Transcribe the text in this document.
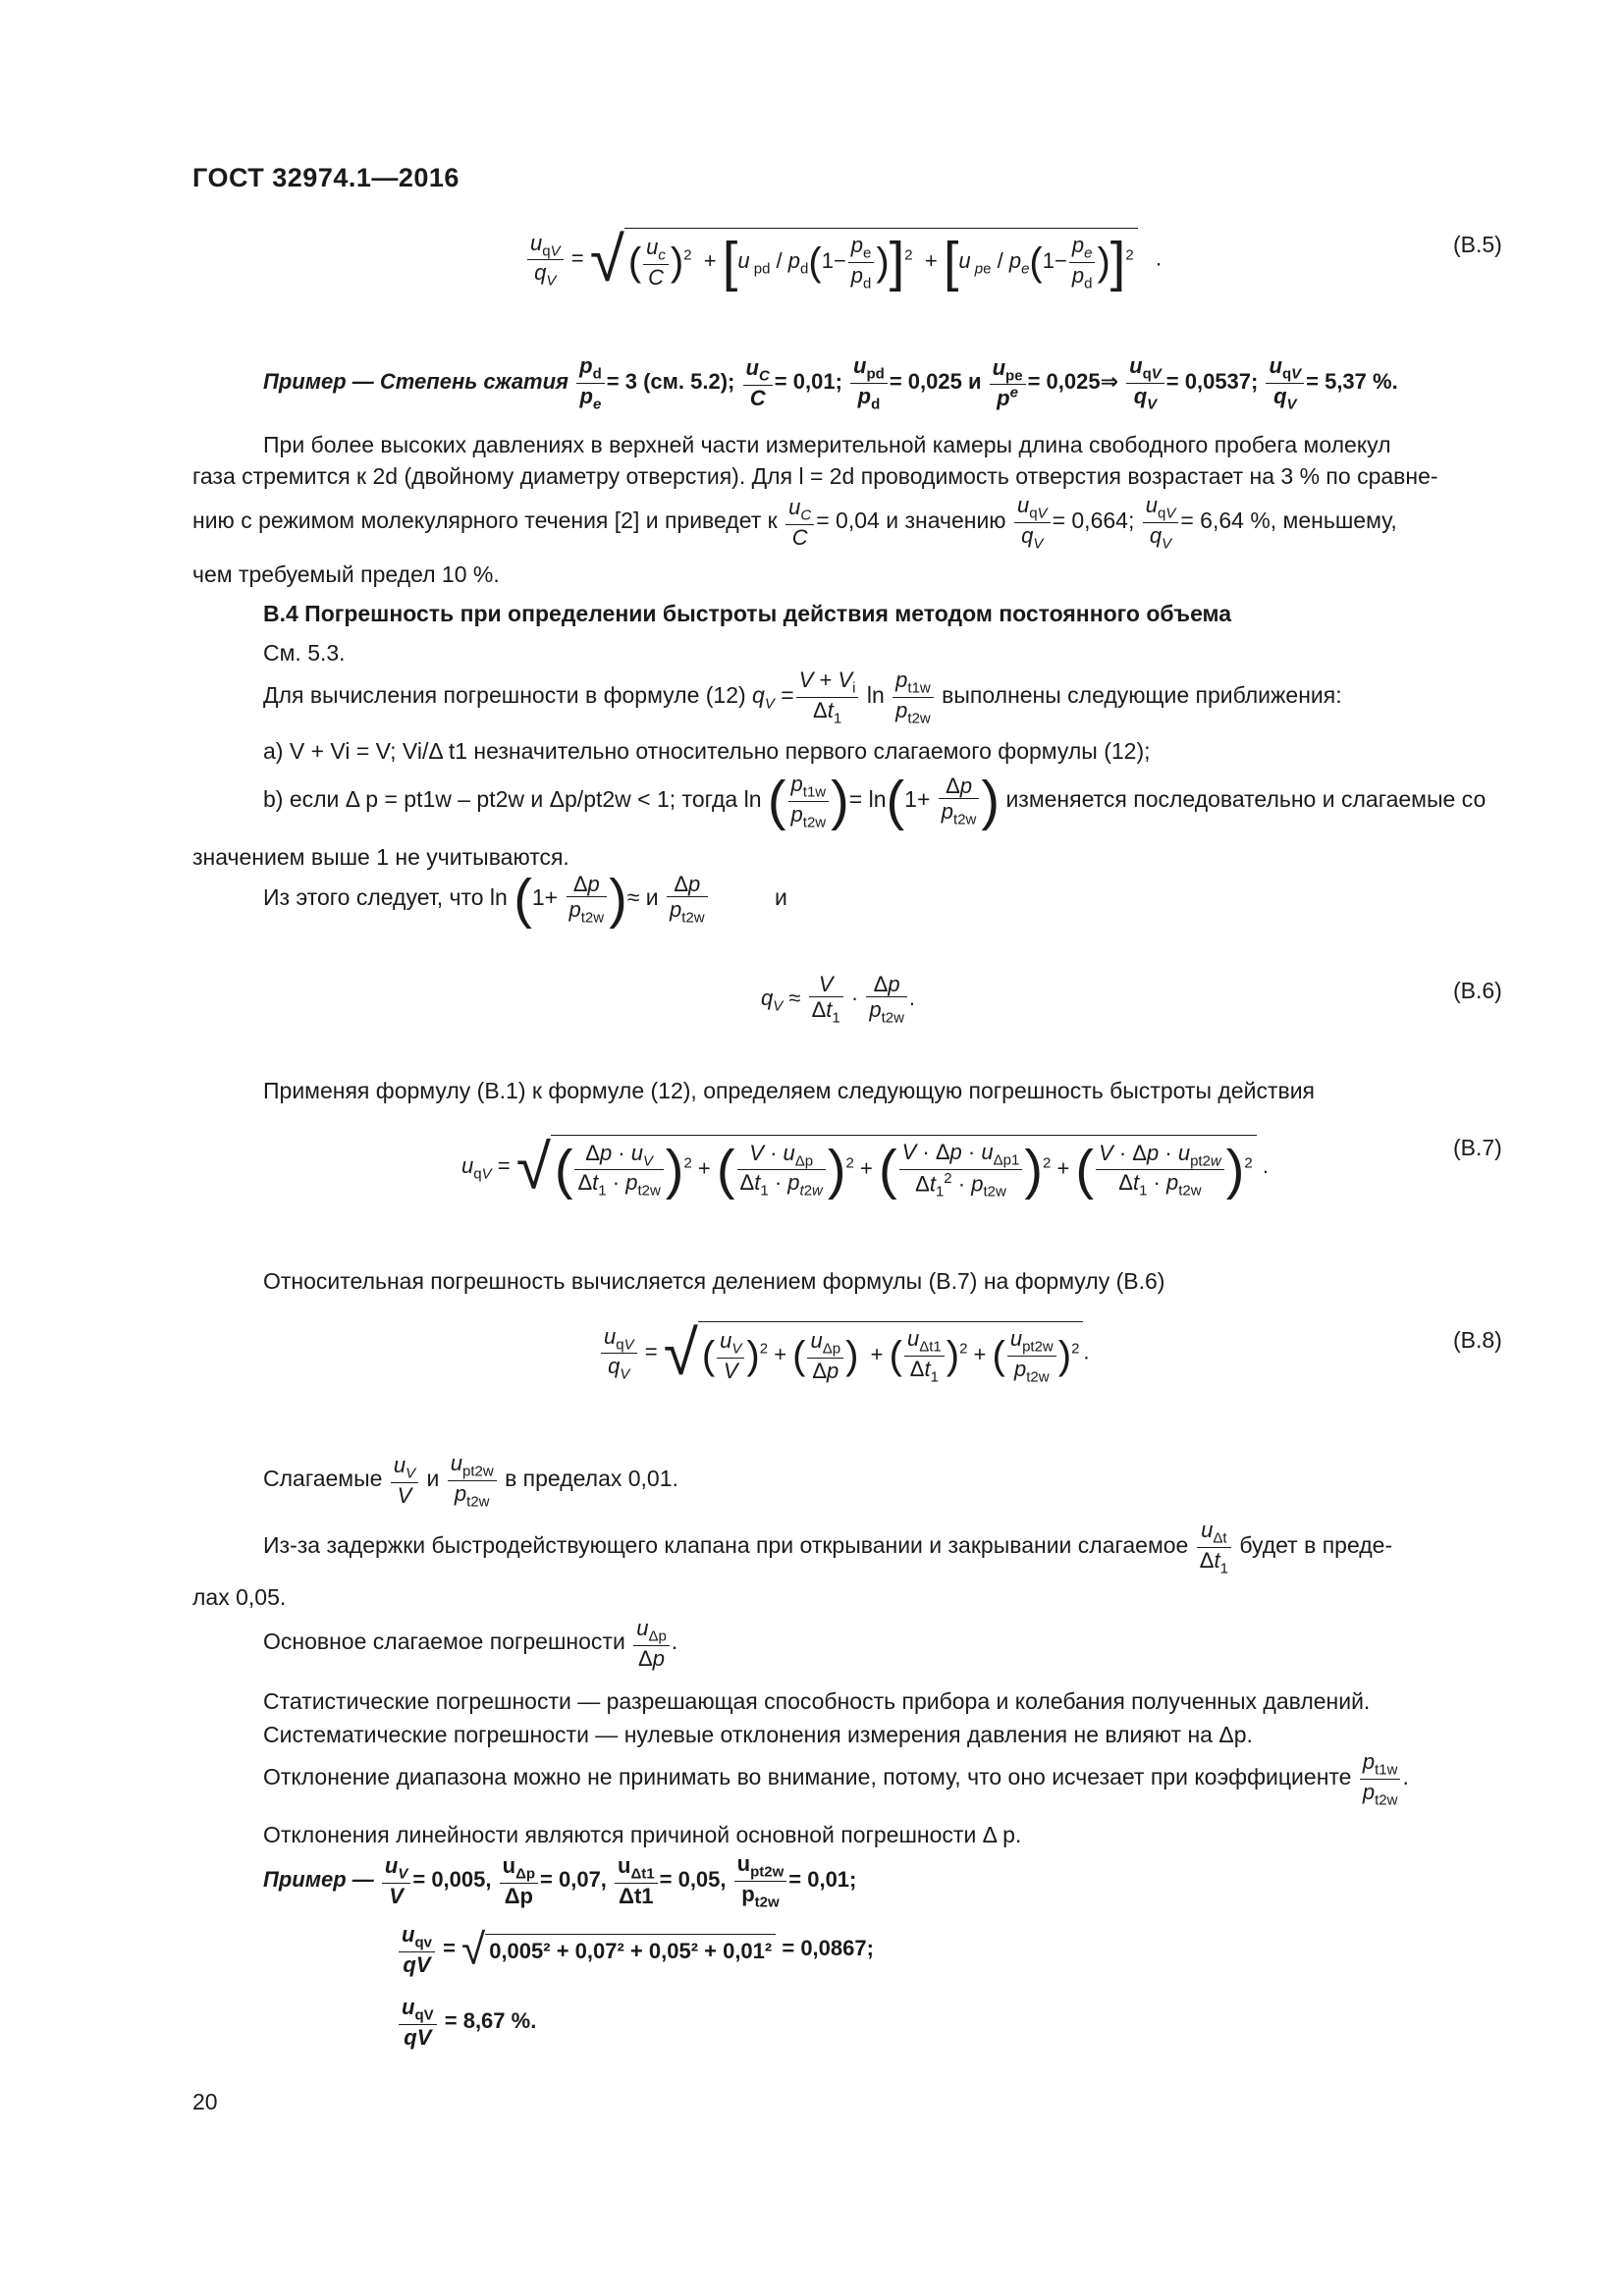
ГОСТ 32974.1—2016
$\frac{u_{qV}}{q_V}$ = √ ( $\frac{u_c}{C} )^2 + [u$ $_{pd} / p_d(1- \frac{p_e}{p_d} )]^2 + [u$ $_{pe} / p_e(1- \frac{p_e}{p_d} )]^2$   .
(В.5)
Пример — Степень сжатия $\frac{p_d}{p_e} = 3$ (см. 5.2); $\frac{u_C}{C} = 0,01$; $\frac{u_{pd}}{p_d} = 0,025$ и $\frac{u_{pe}}{p^e}$ = 0,025⇒ $\frac{u_{qV}}{q_V} = 0,0537$; $\frac{u_{qV}}{q_V} = 5,37$ %.
При более высоких давлениях в верхней части измерительной камеры длина свободного пробега молекул
газа стремится к 2d (двойному диаметру отверстия). Для l = 2d проводимость отверстия возрастает на 3 % по сравне-
нию с режимом молекулярного течения [2] и приведет к $\frac{u_C}{C} = 0,04$ и значению $\frac{u_{qV}}{q_V} = 0,664$; $\frac{u_{qV}}{q_V} = 6,64$ %, меньшему,
чем требуемый предел 10 %.
В.4 Погрешность при определении быстроты действия методом постоянного объема
См. 5.3.
Для вычисления погрешности в формуле (12) $q_V = \frac{V + V_i}{\Delta t_1}$ $\ln \frac{p_{t1w}}{p_{t2w}}$ выполнены следующие приближения:
a) V + Vi = V; Vi/Δ t1 незначительно относительно первого слагаемого формулы (12);
b) если Δ p = pt1w – pt2w и Δp/pt2w < 1; тогда ln ( $\frac{p_{t1w}}{p_{t2w}}$ )= $\ln(1+ \frac{\Delta p}{p_{t2w}}$ ) изменяется последовательно и слагаемые со
значением выше 1 не учитываются.
Из этого следует, что $\ln (1+ \frac{\Delta p}{p_{t2w}}$ )≈ и $\frac{\Delta p}{p_{t2w}}$	и
$q_V \approx \frac{V}{\Delta t_1} \cdot \frac{\Delta p}{p_{t2w}}$ .	(В.6)
Применяя формулу (В.1) к формуле (12), определяем следующую погрешность быстроты действия
$u_{qV}$ = √( $\frac{\Delta p \cdot u_V}{\Delta t_1 \cdot p_{t2w}} )^2$ + ( $\frac{V \cdot u_{\Delta p}}{\Delta t_1 \cdot p_{t2w}} )^2$ + ( $\frac{V \cdot \Delta p \cdot u_{\Delta p1}}{\Delta t_1^2 \cdot p_{t2w}} )^2$ + ( $\frac{V \cdot \Delta p \cdot u_{pt2w}}{\Delta t_1 \cdot p_{t2w}} )^2$ .
(В.7)
Относительная погрешность вычисляется делением формулы (В.7) на формулу (В.6)
$\frac{u_{qV}}{q_V}$ = √ ( $\frac{u_V}{V} )^2$ + ( $\frac{u_{\Delta p}}{\Delta p}$ )  + ( $\frac{u_{\Delta t1}}{\Delta t_1} )^2$ + ( $\frac{u_{pt2w}}{p_{t2w}} )^2$ .	(В.8)
Слагаемые $\frac{u_V}{V}$ и $\frac{u_{pt2w}}{p_{t2w}}$ в пределах 0,01.
Из-за задержки быстродействующего клапана при открывании и закрывании слагаемое $\frac{u_{\Delta t}}{\Delta t_1}$ будет в преде-
лах 0,05.
Основное слагаемое погрешности $\frac{u_{\Delta p}}{\Delta p}$ .
Статистические погрешности — разрешающая способность прибора и колебания полученных давлений.
Систематические погрешности — нулевые отклонения измерения давления не влияют на Δp.
Отклонение диапазона можно не принимать во внимание, потому, что оно исчезает при коэффициенте $\frac{p_{t1w}}{p_{t2w}}$ .
Отклонения линейности являются причиной основной погрешности Δ p.
Пример — $\frac{u_V}{V} = 0,005$, $\frac{u_{\Delta p}}{\Delta p} = 0,07$, $\frac{u_{\Delta t1}}{\Delta t1} = 0,05$, $\frac{u_{pt2w}}{p_{t2w}} = 0,01$;
$\frac{u_{qv}}{qV}$ = √ 0,005² + 0,07² + 0,05² + 0,01² = 0,0867;
$\frac{u_{qV}}{qV} = 8,67$ %.
20
